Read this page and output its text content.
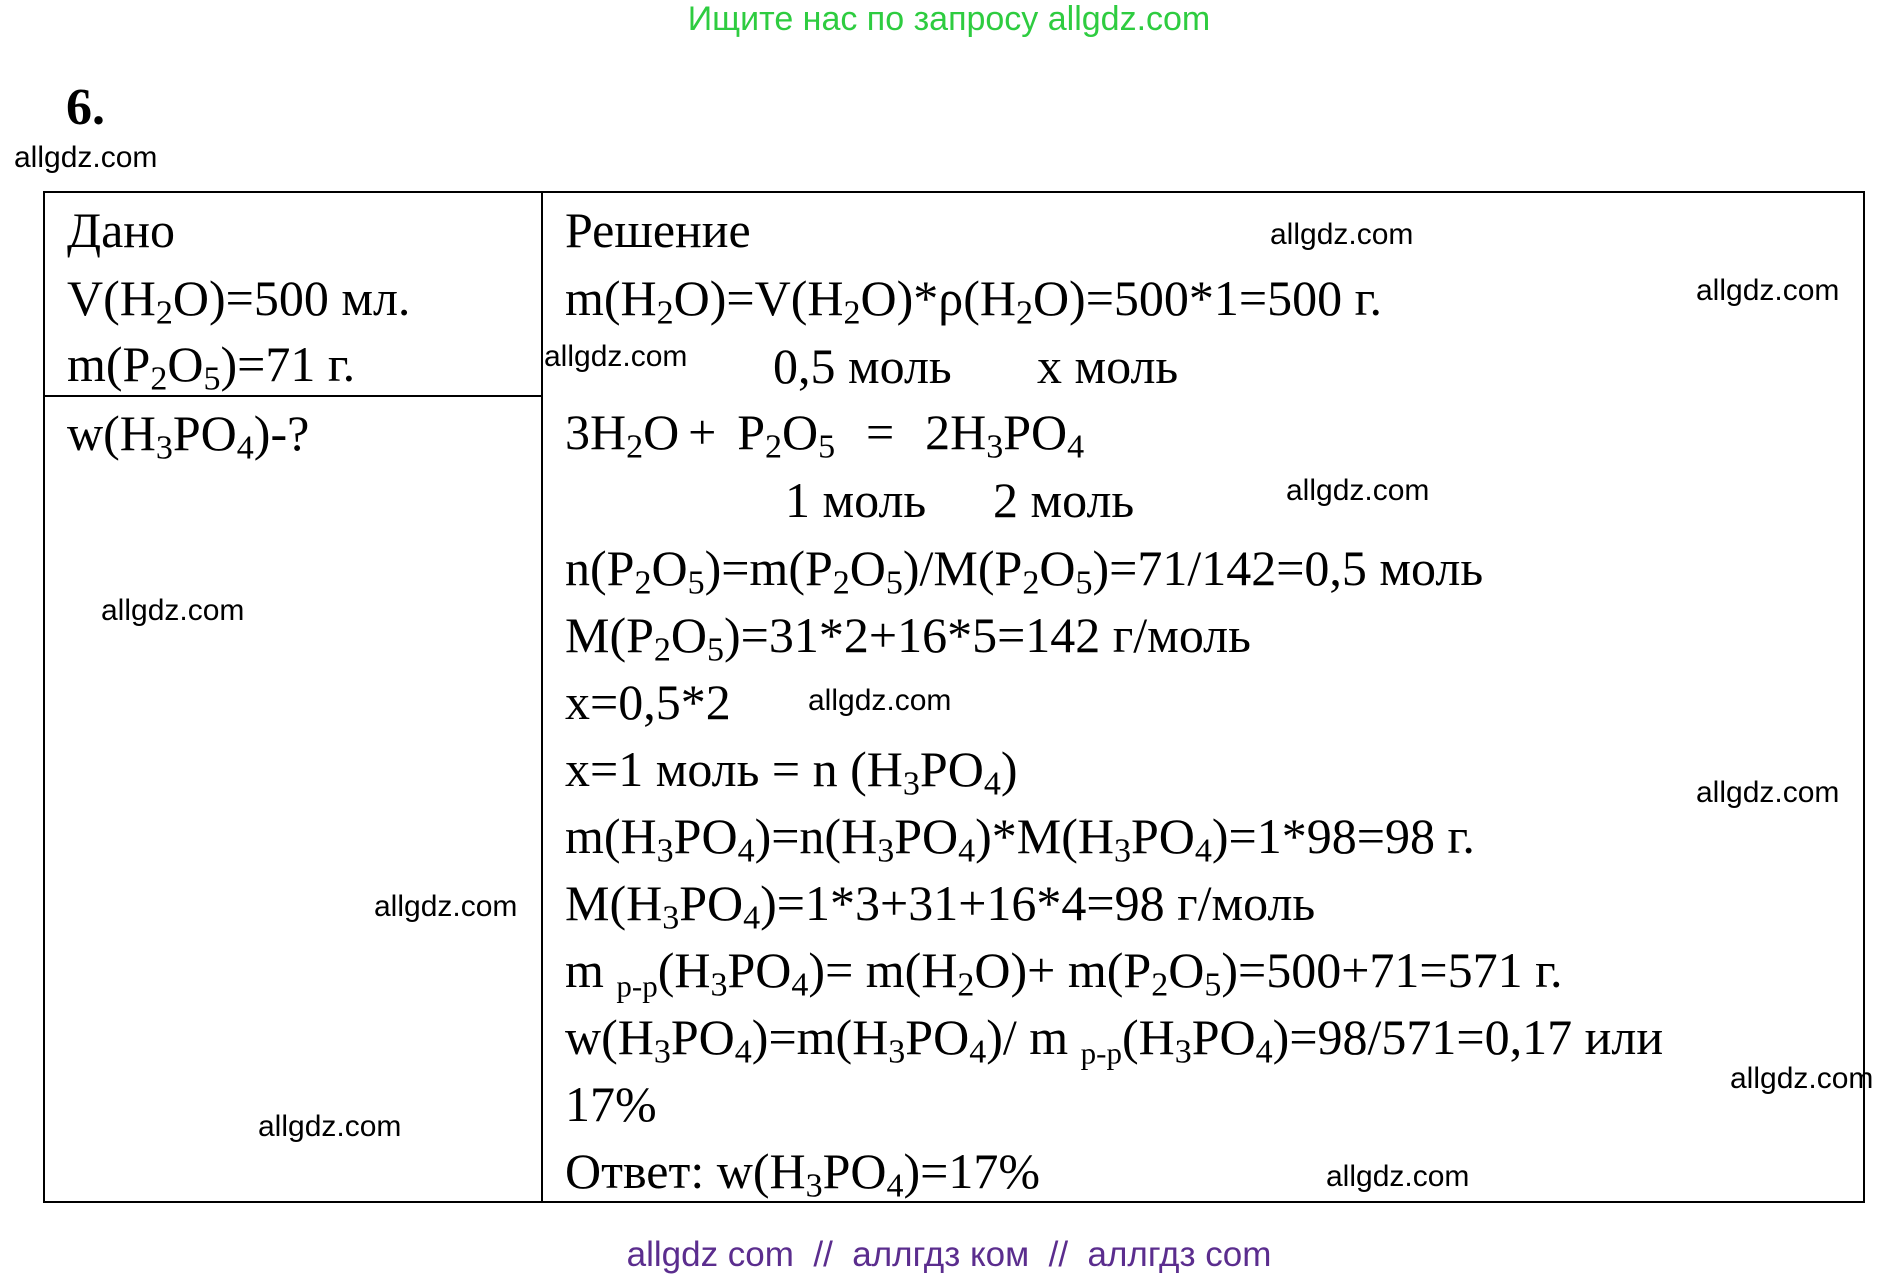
Ищите нас по запросу allgdz.com
6.
allgdz.com
Дано
$V(H_2O)=500$ мл.
$m(P_2O_5)=71$ г.
$w(H_3PO_4)-$?
Решение
$m(H_2O)=V(H_2O)*\rho(H_2O)=500*1=500$ г.
0,5 моль х моль
$3H_2O + P_2O_5 = 2H_3PO_4$
1 моль 2 моль
$n(P_2O_5)=m(P_2O_5)/M(P_2O_5)=71/142=0,5$ моль
$M(P_2O_5)=31*2+16*5=142$ г/моль
х=0,5*2
х=1 моль = n $(H_3PO_4)$
$m(H_3PO_4)=n(H_3PO_4)*M(H_3PO_4)=1*98=98$ г.
$M(H_3PO_4)=1*3+31+16*4=98$ г/моль
m $р-р(H_3PO_4)= m(H_2O)+ m(P_2O_5)=500+71=571$ г.
$w(H_3PO_4)=m(H_3PO_4)/$ m $р-р(H_3PO_4)=98/571=0,17$ или
17%
Ответ: $w(H_3PO_4)=17\%$
allgdz.com
allgdz.com
allgdz.com
allgdz.com
allgdz.com
allgdz.com
allgdz.com
allgdz.com
allgdz.com
allgdz.com
allgdz.com
allgdz com  //  аллгдз ком  //  аллгдз com
